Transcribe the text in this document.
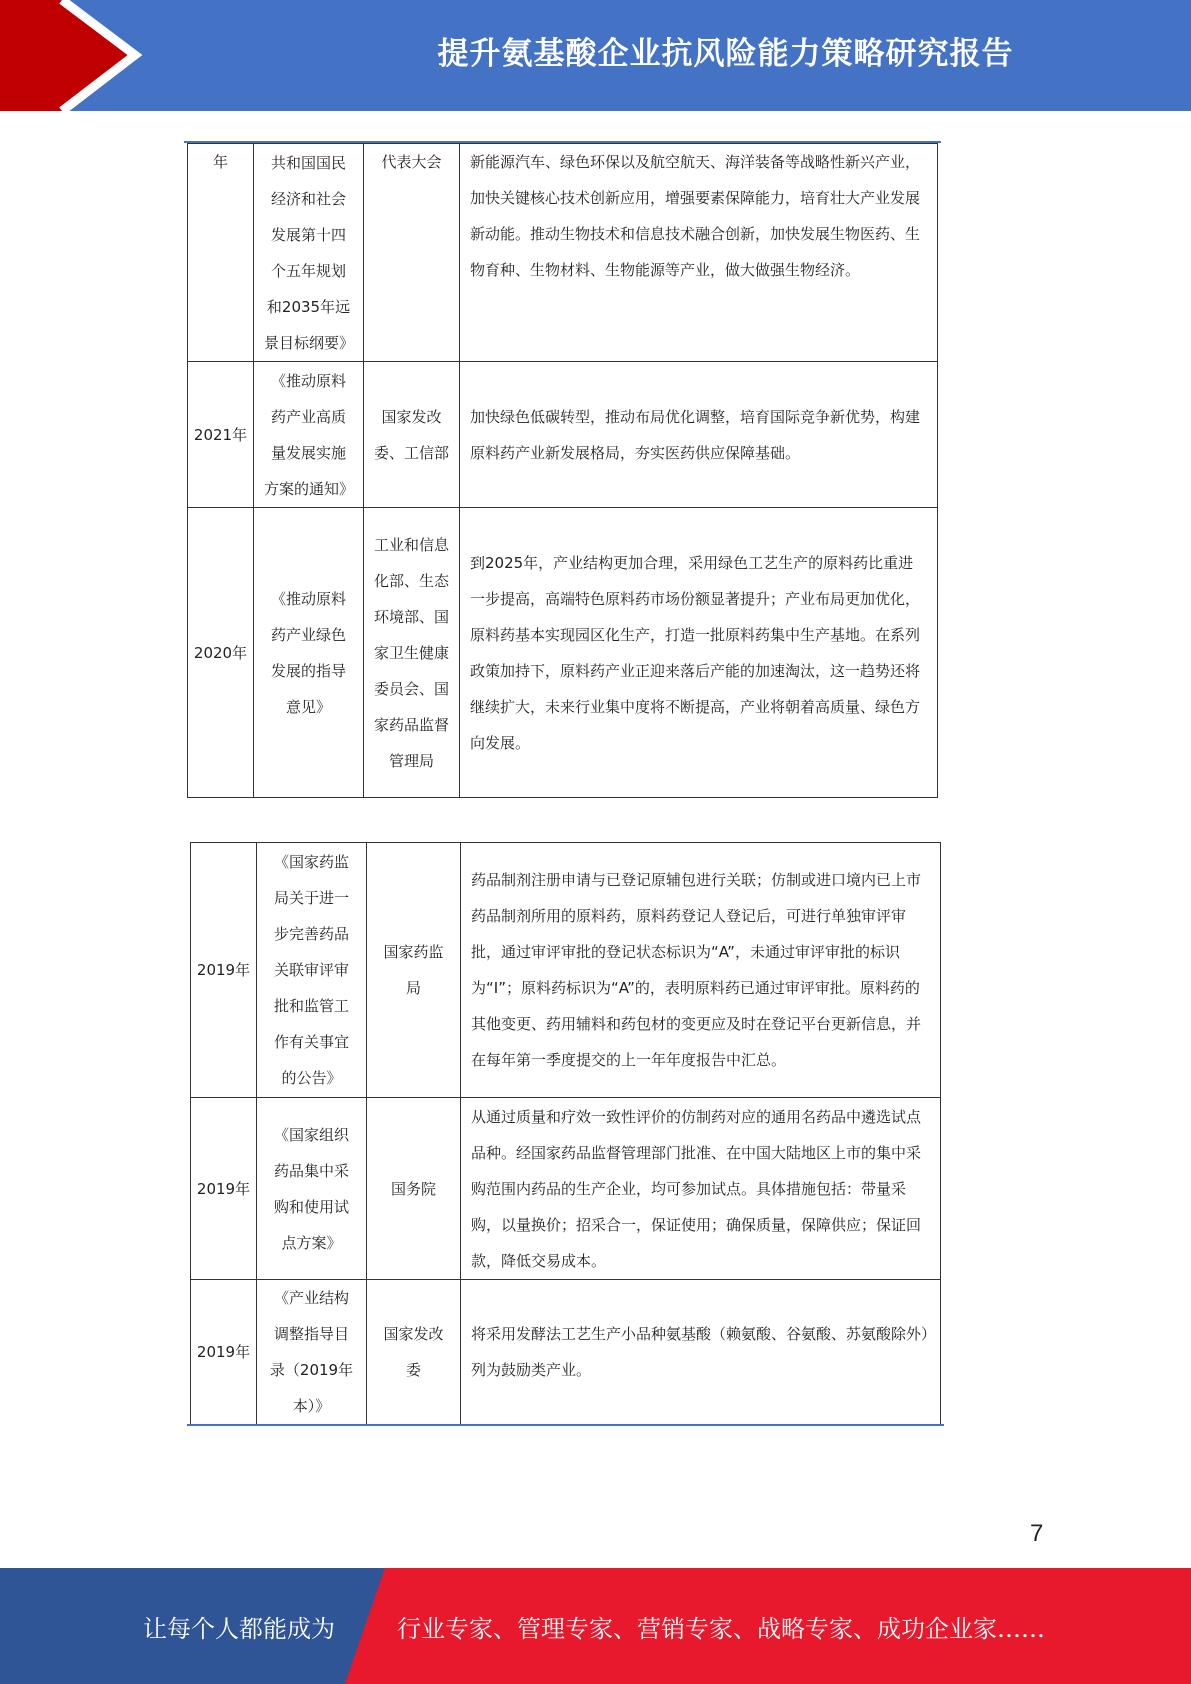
提升氨基酸企业抗风险能力策略研究报告
年	共和国国民经济和社会发展第十四个五年规划和2035年远景目标纲要》	代表大会	新能源汽车、绿色环保以及航空航天、海洋装备等战略性新兴产业，加快关键核心技术创新应用，增强要素保障能力，培育壮大产业发展新动能。推动生物技术和信息技术融合创新，加快发展生物医药、生物育种、生物材料、生物能源等产业，做大做强生物经济。

2021年	《推动原料药产业高质量发展实施方案的通知》	国家发改委、工信部	加快绿色低碳转型，推动布局优化调整，培育国际竞争新优势，构建原料药产业新发展格局，夯实医药供应保障基础。

2020年	《推动原料药产业绿色发展的指导意见》	工业和信息化部、生态环境部、国家卫生健康委员会、国家药品监督管理局	到2025年，产业结构更加合理，采用绿色工艺生产的原料药比重进一步提高，高端特色原料药市场份额显著提升；产业布局更加优化，原料药基本实现园区化生产，打造一批原料药集中生产基地。在系列政策加持下，原料药产业正迎来落后产能的加速淘汰，这一趋势还将继续扩大，未来行业集中度将不断提高，产业将朝着高质量、绿色方向发展。
2019年	《国家药监局关于进一步完善药品关联审评审批和监管工作有关事宜的公告》	国家药监局	药品制剂注册申请与已登记原辅包进行关联；仿制或进口境内已上市药品制剂所用的原料药，原料药登记人登记后，可进行单独审评审批，通过审评审批的登记状态标识为“A”，未通过审评审批的标识为“I”；原料药标识为“A”的，表明原料药已通过审评审批。原料药的其他变更、药用辅料和药包材的变更应及时在登记平台更新信息，并在每年第一季度提交的上一年年度报告中汇总。

2019年	《国家组织药品集中采购和使用试点方案》	国务院	从通过质量和疗效一致性评价的仿制药对应的通用名药品中遴选试点品种。经国家药品监督管理部门批准、在中国大陆地区上市的集中采购范围内药品的生产企业，均可参加试点。具体措施包括：带量采购，以量换价；招采合一，保证使用；确保质量，保障供应；保证回款，降低交易成本。

2019年	《产业结构调整指导目录（2019年本）》	国家发改委	将采用发酵法工艺生产小品种氨基酸（赖氨酸、谷氨酸、苏氨酸除外）列为鼓励类产业。
7
让每个人都能成为	行业专家、管理专家、营销专家、战略专家、成功企业家……
